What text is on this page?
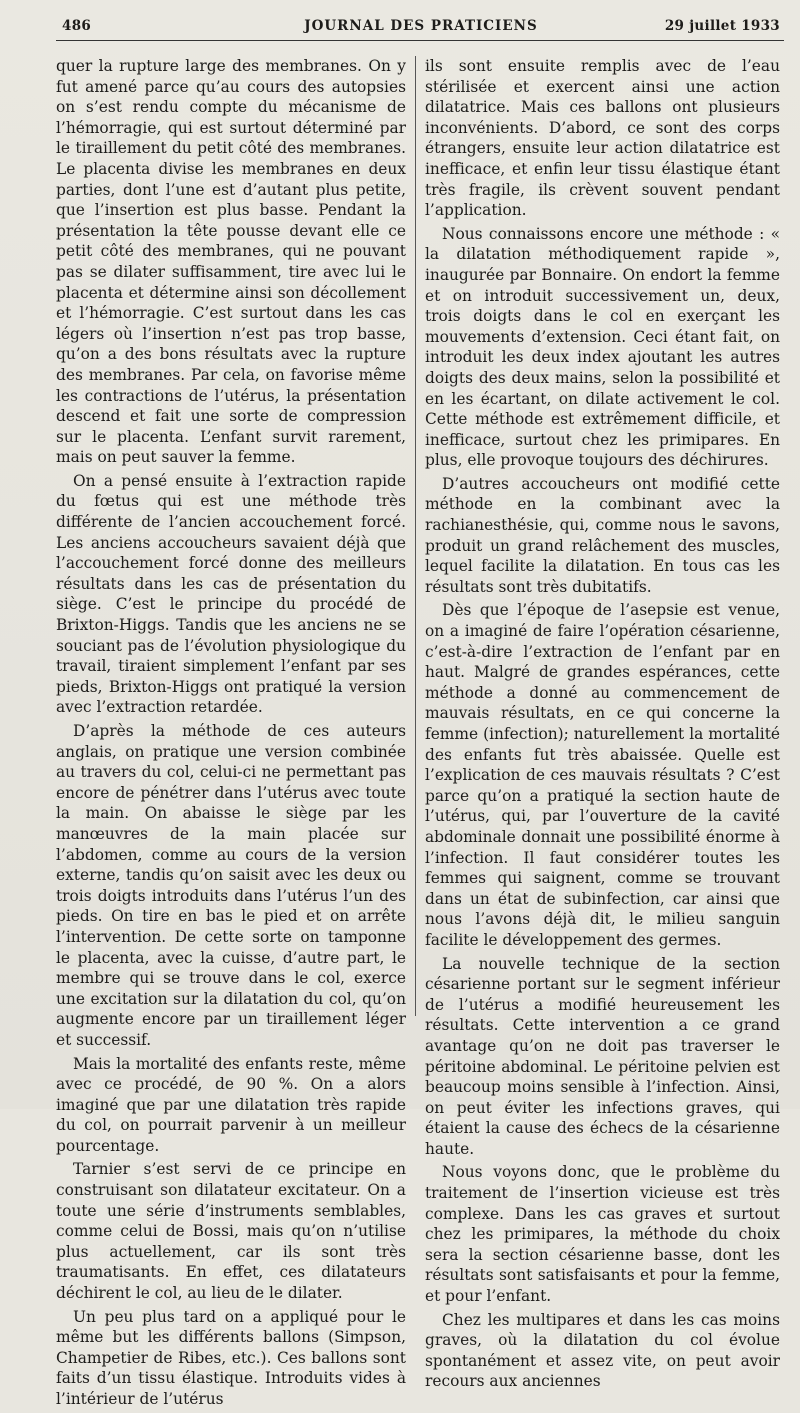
486	JOURNAL DES PRATICIENS	29 juillet 1933

quer la rupture large des membranes. On y fut amené parce qu’au cours des autopsies on s’est rendu compte du mécanisme de l’hémorragie, qui est surtout déterminé par le tiraillement du petit côté des membranes. Le placenta divise les membranes en deux parties, dont l’une est d’autant plus petite, que l’insertion est plus basse. Pendant la présentation la tête pousse devant elle ce petit côté des membranes, qui ne pouvant pas se dilater suffisamment, tire avec lui le placenta et détermine ainsi son décollement et l’hémorragie. C’est surtout dans les cas légers où l’insertion n’est pas trop basse, qu’on a des bons résultats avec la rupture des membranes. Par cela, on favorise même les contractions de l’utérus, la présentation descend et fait une sorte de compression sur le placenta. L’enfant survit rarement, mais on peut sauver la femme.

On a pensé ensuite à l’extraction rapide du fœtus qui est une méthode très différente de l’ancien accouchement forcé. Les anciens accoucheurs savaient déjà que l’accouchement forcé donne des meilleurs résultats dans les cas de présentation du siège. C’est le principe du procédé de Brixton-Higgs. Tandis que les anciens ne se souciant pas de l’évolution physiologique du travail, tiraient simplement l’enfant par ses pieds, Brixton-Higgs ont pratiqué la version avec l’extraction retardée.

D’après la méthode de ces auteurs anglais, on pratique une version combinée au travers du col, celui-ci ne permettant pas encore de pénétrer dans l’utérus avec toute la main. On abaisse le siège par les manœuvres de la main placée sur l’abdomen, comme au cours de la version externe, tandis qu’on saisit avec les deux ou trois doigts introduits dans l’utérus l’un des pieds. On tire en bas le pied et on arrête l’intervention. De cette sorte on tamponne le placenta, avec la cuisse, d’autre part, le membre qui se trouve dans le col, exerce une excitation sur la dilatation du col, qu’on augmente encore par un tiraillement léger et successif.

Mais la mortalité des enfants reste, même avec ce procédé, de 90 %. On a alors imaginé que par une dilatation très rapide du col, on pourrait parvenir à un meilleur pourcentage.

Tarnier s’est servi de ce principe en construisant son dilatateur excitateur. On a toute une série d’instruments semblables, comme celui de Bossi, mais qu’on n’utilise plus actuellement, car ils sont très traumatisants. En effet, ces dilatateurs déchirent le col, au lieu de le dilater.

Un peu plus tard on a appliqué pour le même but les différents ballons (Simpson, Champetier de Ribes, etc.). Ces ballons sont faits d’un tissu élastique. Introduits vides à l’intérieur de l’utérus

ils sont ensuite remplis avec de l’eau stérilisée et exercent ainsi une action dilatatrice. Mais ces ballons ont plusieurs inconvénients. D’abord, ce sont des corps étrangers, ensuite leur action dilatatrice est inefficace, et enfin leur tissu élastique étant très fragile, ils crèvent souvent pendant l’application.

Nous connaissons encore une méthode : « la dilatation méthodiquement rapide », inaugurée par Bonnaire. On endort la femme et on introduit successivement un, deux, trois doigts dans le col en exerçant les mouvements d’extension. Ceci étant fait, on introduit les deux index ajoutant les autres doigts des deux mains, selon la possibilité et en les écartant, on dilate activement le col. Cette méthode est extrêmement difficile, et inefficace, surtout chez les primipares. En plus, elle provoque toujours des déchirures.

D’autres accoucheurs ont modifié cette méthode en la combinant avec la rachianesthésie, qui, comme nous le savons, produit un grand relâchement des muscles, lequel facilite la dilatation. En tous cas les résultats sont très dubitatifs.

Dès que l’époque de l’asepsie est venue, on a imaginé de faire l’opération césarienne, c’est-à-dire l’extraction de l’enfant par en haut. Malgré de grandes espérances, cette méthode a donné au commencement de mauvais résultats, en ce qui concerne la femme (infection); naturellement la mortalité des enfants fut très abaissée. Quelle est l’explication de ces mauvais résultats ? C’est parce qu’on a pratiqué la section haute de l’utérus, qui, par l’ouverture de la cavité abdominale donnait une possibilité énorme à l’infection. Il faut considérer toutes les femmes qui saignent, comme se trouvant dans un état de subinfection, car ainsi que nous l’avons déjà dit, le milieu sanguin facilite le développement des germes.

La nouvelle technique de la section césarienne portant sur le segment inférieur de l’utérus a modifié heureusement les résultats. Cette intervention a ce grand avantage qu’on ne doit pas traverser le péritoine abdominal. Le péritoine pelvien est beaucoup moins sensible à l’infection. Ainsi, on peut éviter les infections graves, qui étaient la cause des échecs de la césarienne haute.

Nous voyons donc, que le problème du traitement de l’insertion vicieuse est très complexe. Dans les cas graves et surtout chez les primipares, la méthode du choix sera la section césarienne basse, dont les résultats sont satisfaisants et pour la femme, et pour l’enfant.

Chez les multipares et dans les cas moins graves, où la dilatation du col évolue spontanément et assez vite, on peut avoir recours aux anciennes
